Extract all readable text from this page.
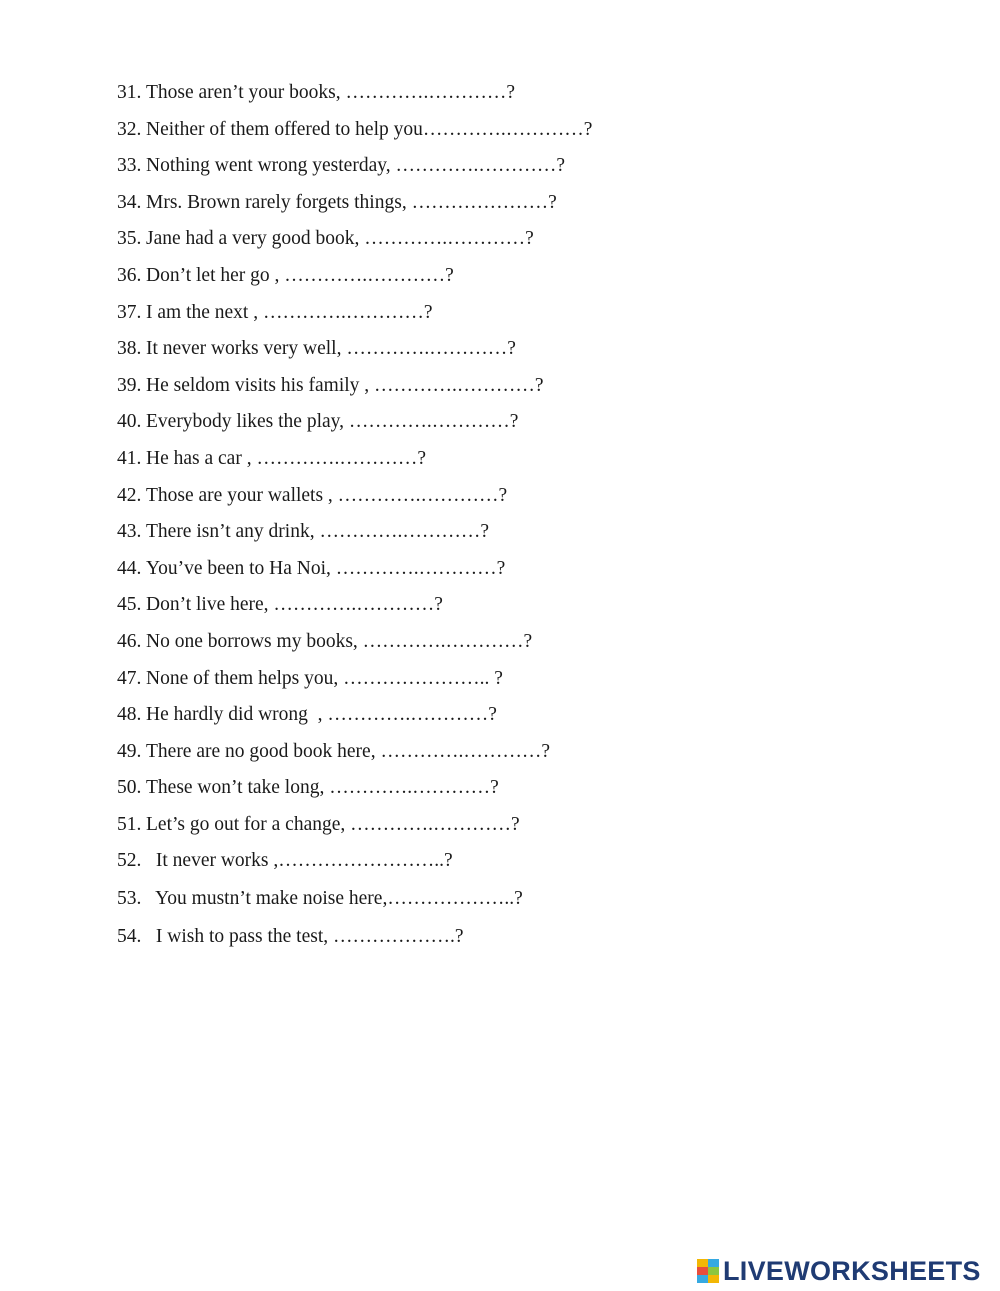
31. Those aren’t your books, ………….…………?
32. Neither of them offered to help you………….…………?
33. Nothing went wrong yesterday, ………….…………?
34. Mrs. Brown rarely forgets things, …………………?
35. Jane had a very good book, ………….…………?
36. Don’t let her go , ………….…………?
37. I am the next , ………….…………?
38. It never works very well, ………….…………?
39. He seldom visits his family , ………….…………?
40. Everybody likes the play, ………….…………?
41. He has a car , ………….…………?
42. Those are your wallets , ………….…………?
43. There isn’t any drink, ………….…………?
44. You’ve been to Ha Noi, ………….…………?
45. Don’t live here, ………….…………?
46. No one borrows my books, ………….…………?
47. None of them helps you, ………………….. ?
48. He hardly did wrong  , ………….…………?
49. There are no good book here, ………….…………?
50. These won’t take long, ………….…………?
51. Let’s go out for a change, ………….…………?
52. It never works ,……………………..?
53. You mustn’t make noise here,………………..?
54. I wish to pass the test, ……………….?
LIVEWORKSHEETS
